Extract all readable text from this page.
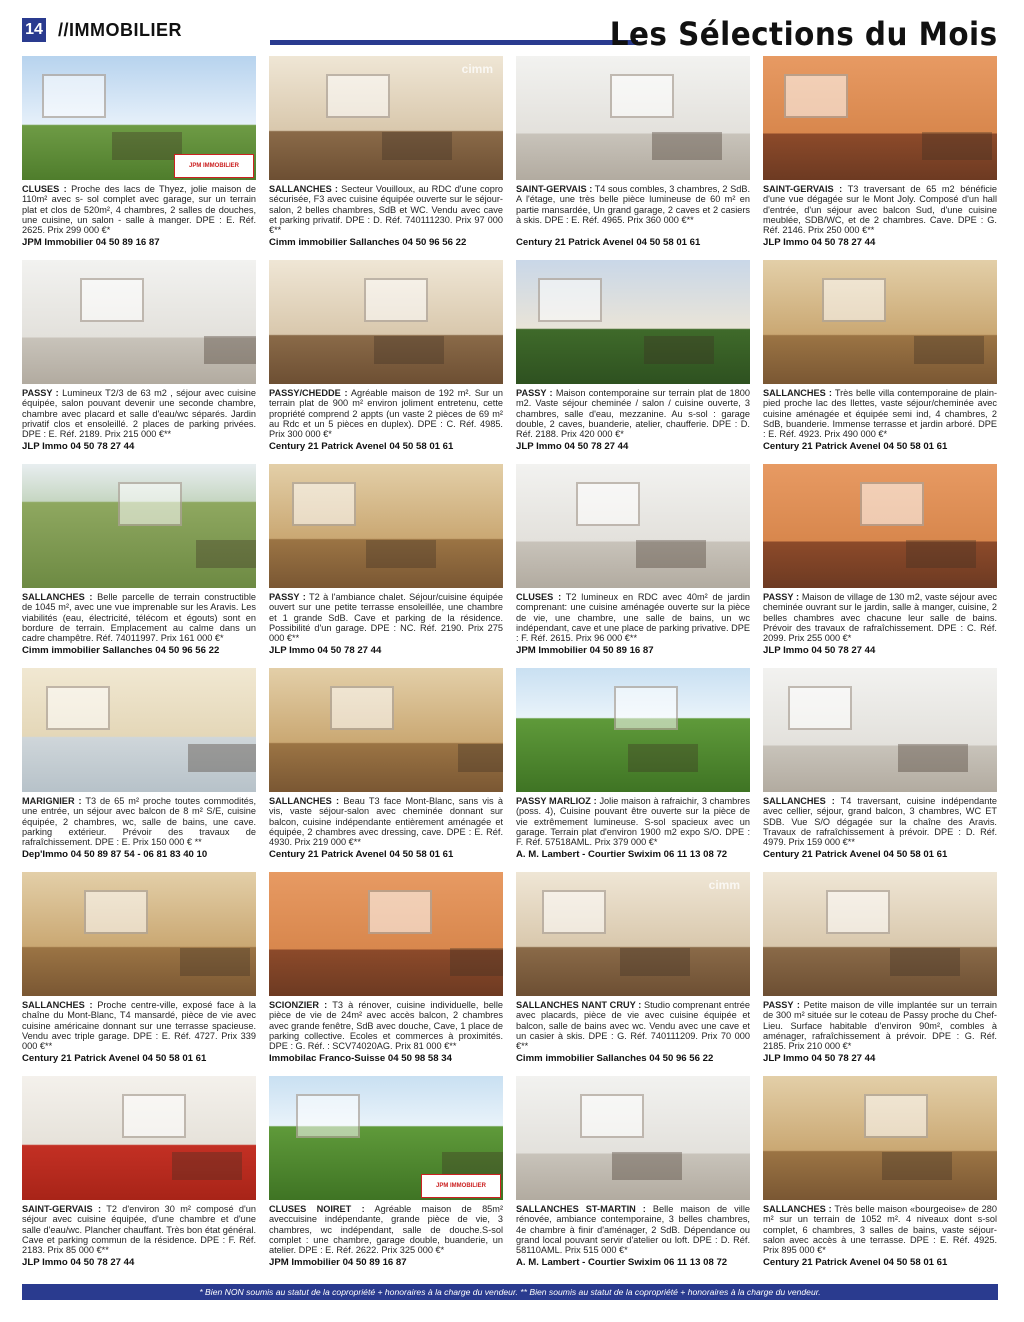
14 //IMMOBILIER	Les Sélections du Mois
JPM IMMOBILIER
CLUSES : Proche des lacs de Thyez, jolie maison de 110m² avec s- sol complet avec garage, sur un terrain plat et clos de 520m², 4 chambres, 2 salles de douches, une cuisine, un salon - salle à manger. DPE : E. Réf. 2625. Prix 299 000 €*
JPM Immobilier 04 50 89 16 87
cimm
SALLANCHES : Secteur Vouilloux, au RDC d'une copro sécurisée, F3 avec cuisine équipée ouverte sur le séjour-salon, 2 belles chambres, SdB et WC. Vendu avec cave et parking privatif. DPE : D. Réf. 740111230. Prix 97 000 €**
Cimm immobilier Sallanches 04 50 96 56 22
SAINT-GERVAIS : T4 sous combles, 3 chambres, 2 SdB. A l'étage, une très belle pièce lumineuse de 60 m² en partie mansardée, Un grand garage, 2 caves et 2 casiers à skis. DPE : E. Réf. 4965. Prix 360 000 €**
Century 21 Patrick Avenel 04 50 58 01 61
SAINT-GERVAIS : T3 traversant de 65 m2 bénéficie d'une vue dégagée sur le Mont Joly. Composé d'un hall d'entrée, d'un séjour avec balcon Sud, d'une cuisine meublée, SDB/WC, et de 2 chambres. Cave. DPE : G. Réf. 2146. Prix 250 000 €**
JLP Immo 04 50 78 27 44
PASSY : Lumineux T2/3 de 63 m2 , séjour avec cuisine équipée, salon pouvant devenir une seconde chambre, chambre avec placard et salle d'eau/wc séparés. Jardin privatif clos et ensoleillé. 2 places de parking privées. DPE : E. Réf. 2189. Prix 215 000 €**
JLP Immo 04 50 78 27 44
PASSY/CHEDDE : Agréable maison de 192 m². Sur un terrain plat de 900 m² environ joliment entretenu, cette propriété comprend 2 appts (un vaste 2 pièces de 69 m² au Rdc et un 5 pièces en duplex). DPE : C. Réf. 4985. Prix 300 000 €*
Century 21 Patrick Avenel 04 50 58 01 61
PASSY : Maison contemporaine sur terrain plat de 1800 m2. Vaste séjour cheminée / salon / cuisine ouverte, 3 chambres, salle d'eau, mezzanine. Au s-sol : garage double, 2 caves, buanderie, atelier, chaufferie. DPE : D. Réf. 2188. Prix 420 000 €*
JLP Immo 04 50 78 27 44
SALLANCHES : Très belle villa contemporaine de plain-pied proche lac des Ilettes, vaste séjour/cheminée avec cuisine aménagée et équipée semi ind, 4 chambres, 2 SdB, buanderie. Immense terrasse et jardin arboré. DPE : E. Réf. 4923. Prix 490 000 €*
Century 21 Patrick Avenel 04 50 58 01 61
SALLANCHES : Belle parcelle de terrain constructible de 1045 m², avec une vue imprenable sur les Aravis. Les viabilités (eau, électricité, télécom et égouts) sont en bordure de terrain. Emplacement au calme dans un cadre champêtre. Réf. 74011997. Prix 161 000 €*
Cimm immobilier Sallanches 04 50 96 56 22
PASSY : T2 à l'ambiance chalet. Séjour/cuisine équipée ouvert sur une petite terrasse ensoleillée, une chambre et 1 grande SdB. Cave et parking de la résidence. Possibilité d'un garage. DPE : NC. Réf. 2190. Prix 275 000 €**
JLP Immo 04 50 78 27 44
CLUSES : T2 lumineux en RDC avec 40m² de jardin comprenant: une cuisine aménagée ouverte sur la pièce de vie, une chambre, une salle de bains, un wc indépendant, cave et une place de parking privative. DPE : F. Réf. 2615. Prix 96 000 €**
JPM Immobilier 04 50 89 16 87
PASSY : Maison de village de 130 m2, vaste séjour avec cheminée ouvrant sur le jardin, salle à manger, cuisine, 2 belles chambres avec chacune leur salle de bains. Prévoir des travaux de rafraîchissement. DPE : C. Réf. 2099. Prix 255 000 €*
JLP Immo 04 50 78 27 44
MARIGNIER : T3 de 65 m² proche toutes commodités, une entrée, un séjour avec balcon de 8 m² S/E, cuisine équipée, 2 chambres, wc, salle de bains, une cave. parking extérieur. Prévoir des travaux de rafraîchissement. DPE : E. Prix 150 000 € **
Dep'Immo 04 50 89 87 54 - 06 81 83 40 10
SALLANCHES : Beau T3 face Mont-Blanc, sans vis à vis, vaste séjour-salon avec cheminée donnant sur balcon, cuisine indépendante entièrement aménagée et équipée, 2 chambres avec dressing, cave. DPE : E. Réf. 4930. Prix 219 000 €**
Century 21 Patrick Avenel 04 50 58 01 61
PASSY MARLIOZ : Jolie maison à rafraichir, 3 chambres (poss. 4), Cuisine pouvant être ouverte sur la pièce de vie extrêmement lumineuse. S-sol spacieux avec un garage. Terrain plat d'environ 1900 m2 expo S/O. DPE : F. Réf. 57518AML. Prix 379 000 €*
A. M. Lambert - Courtier Swixim 06 11 13 08 72
SALLANCHES : T4 traversant, cuisine indépendante avec cellier, séjour, grand balcon, 3 chambres, WC ET SDB. Vue S/O dégagée sur la chaîne des Aravis. Travaux de rafraîchissement à prévoir. DPE : D. Réf. 4979. Prix 159 000 €**
Century 21 Patrick Avenel 04 50 58 01 61
SALLANCHES : Proche centre-ville, exposé face à la chaîne du Mont-Blanc, T4 mansardé, pièce de vie avec cuisine américaine donnant sur une terrasse spacieuse. Vendu avec triple garage. DPE : E. Réf. 4727. Prix 339 000 €**
Century 21 Patrick Avenel 04 50 58 01 61
SCIONZIER : T3 à rénover, cuisine individuelle, belle pièce de vie de 24m² avec accès balcon, 2 chambres avec grande fenêtre, SdB avec douche, Cave, 1 place de parking collective. Ecoles et commerces à proximités. DPE : G. Réf. : SCV74020AG. Prix 81 000 €**
Immobilac Franco-Suisse 04 50 98 58 34
cimm
SALLANCHES NANT CRUY : Studio comprenant entrée avec placards, pièce de vie avec cuisine équipée et balcon, salle de bains avec wc. Vendu avec une cave et un casier à skis. DPE : G. Réf. 740111209. Prix 70 000 €**
Cimm immobilier Sallanches 04 50 96 56 22
PASSY : Petite maison de ville implantée sur un terrain de 300 m² située sur le coteau de Passy proche du Chef-Lieu. Surface habitable d'environ 90m², combles à aménager, rafraîchissement à prévoir. DPE : G. Réf. 2185. Prix 210 000 €*
JLP Immo 04 50 78 27 44
SAINT-GERVAIS : T2 d'environ 30 m² composé d'un séjour avec cuisine équipée, d'une chambre et d'une salle d'eau/wc. Plancher chauffant. Très bon état général. Cave et parking commun de la résidence. DPE : F. Réf. 2183. Prix 85 000 €**
JLP Immo 04 50 78 27 44
JPM IMMOBILIER
CLUSES NOIRET : Agréable maison de 85m² aveccuisine indépendante, grande pièce de vie, 3 chambres, wc indépendant, salle de douche.S-sol complet : une chambre, garage double, buanderie, un atelier. DPE : E. Réf. 2622. Prix 325 000 €*
JPM Immobilier 04 50 89 16 87
SALLANCHES ST-MARTIN : Belle maison de ville rénovée, ambiance contemporaine, 3 belles chambres, 4e chambre à finir d'aménager, 2 SdB. Dépendance ou grand local pouvant servir d'atelier ou loft. DPE : D. Réf. 58110AML. Prix 515 000 €*
A. M. Lambert - Courtier Swixim 06 11 13 08 72
SALLANCHES : Très belle maison «bourgeoise» de 280 m² sur un terrain de 1052 m². 4 niveaux dont s-sol complet, 6 chambres, 3 salles de bains, vaste séjour-salon avec accès à une terrasse. DPE : E. Réf. 4925. Prix 895 000 €*
Century 21 Patrick Avenel 04 50 58 01 61
* Bien NON soumis au statut de la copropriété + honoraires à la charge du vendeur. ** Bien soumis au statut de la copropriété + honoraires à la charge du vendeur.
